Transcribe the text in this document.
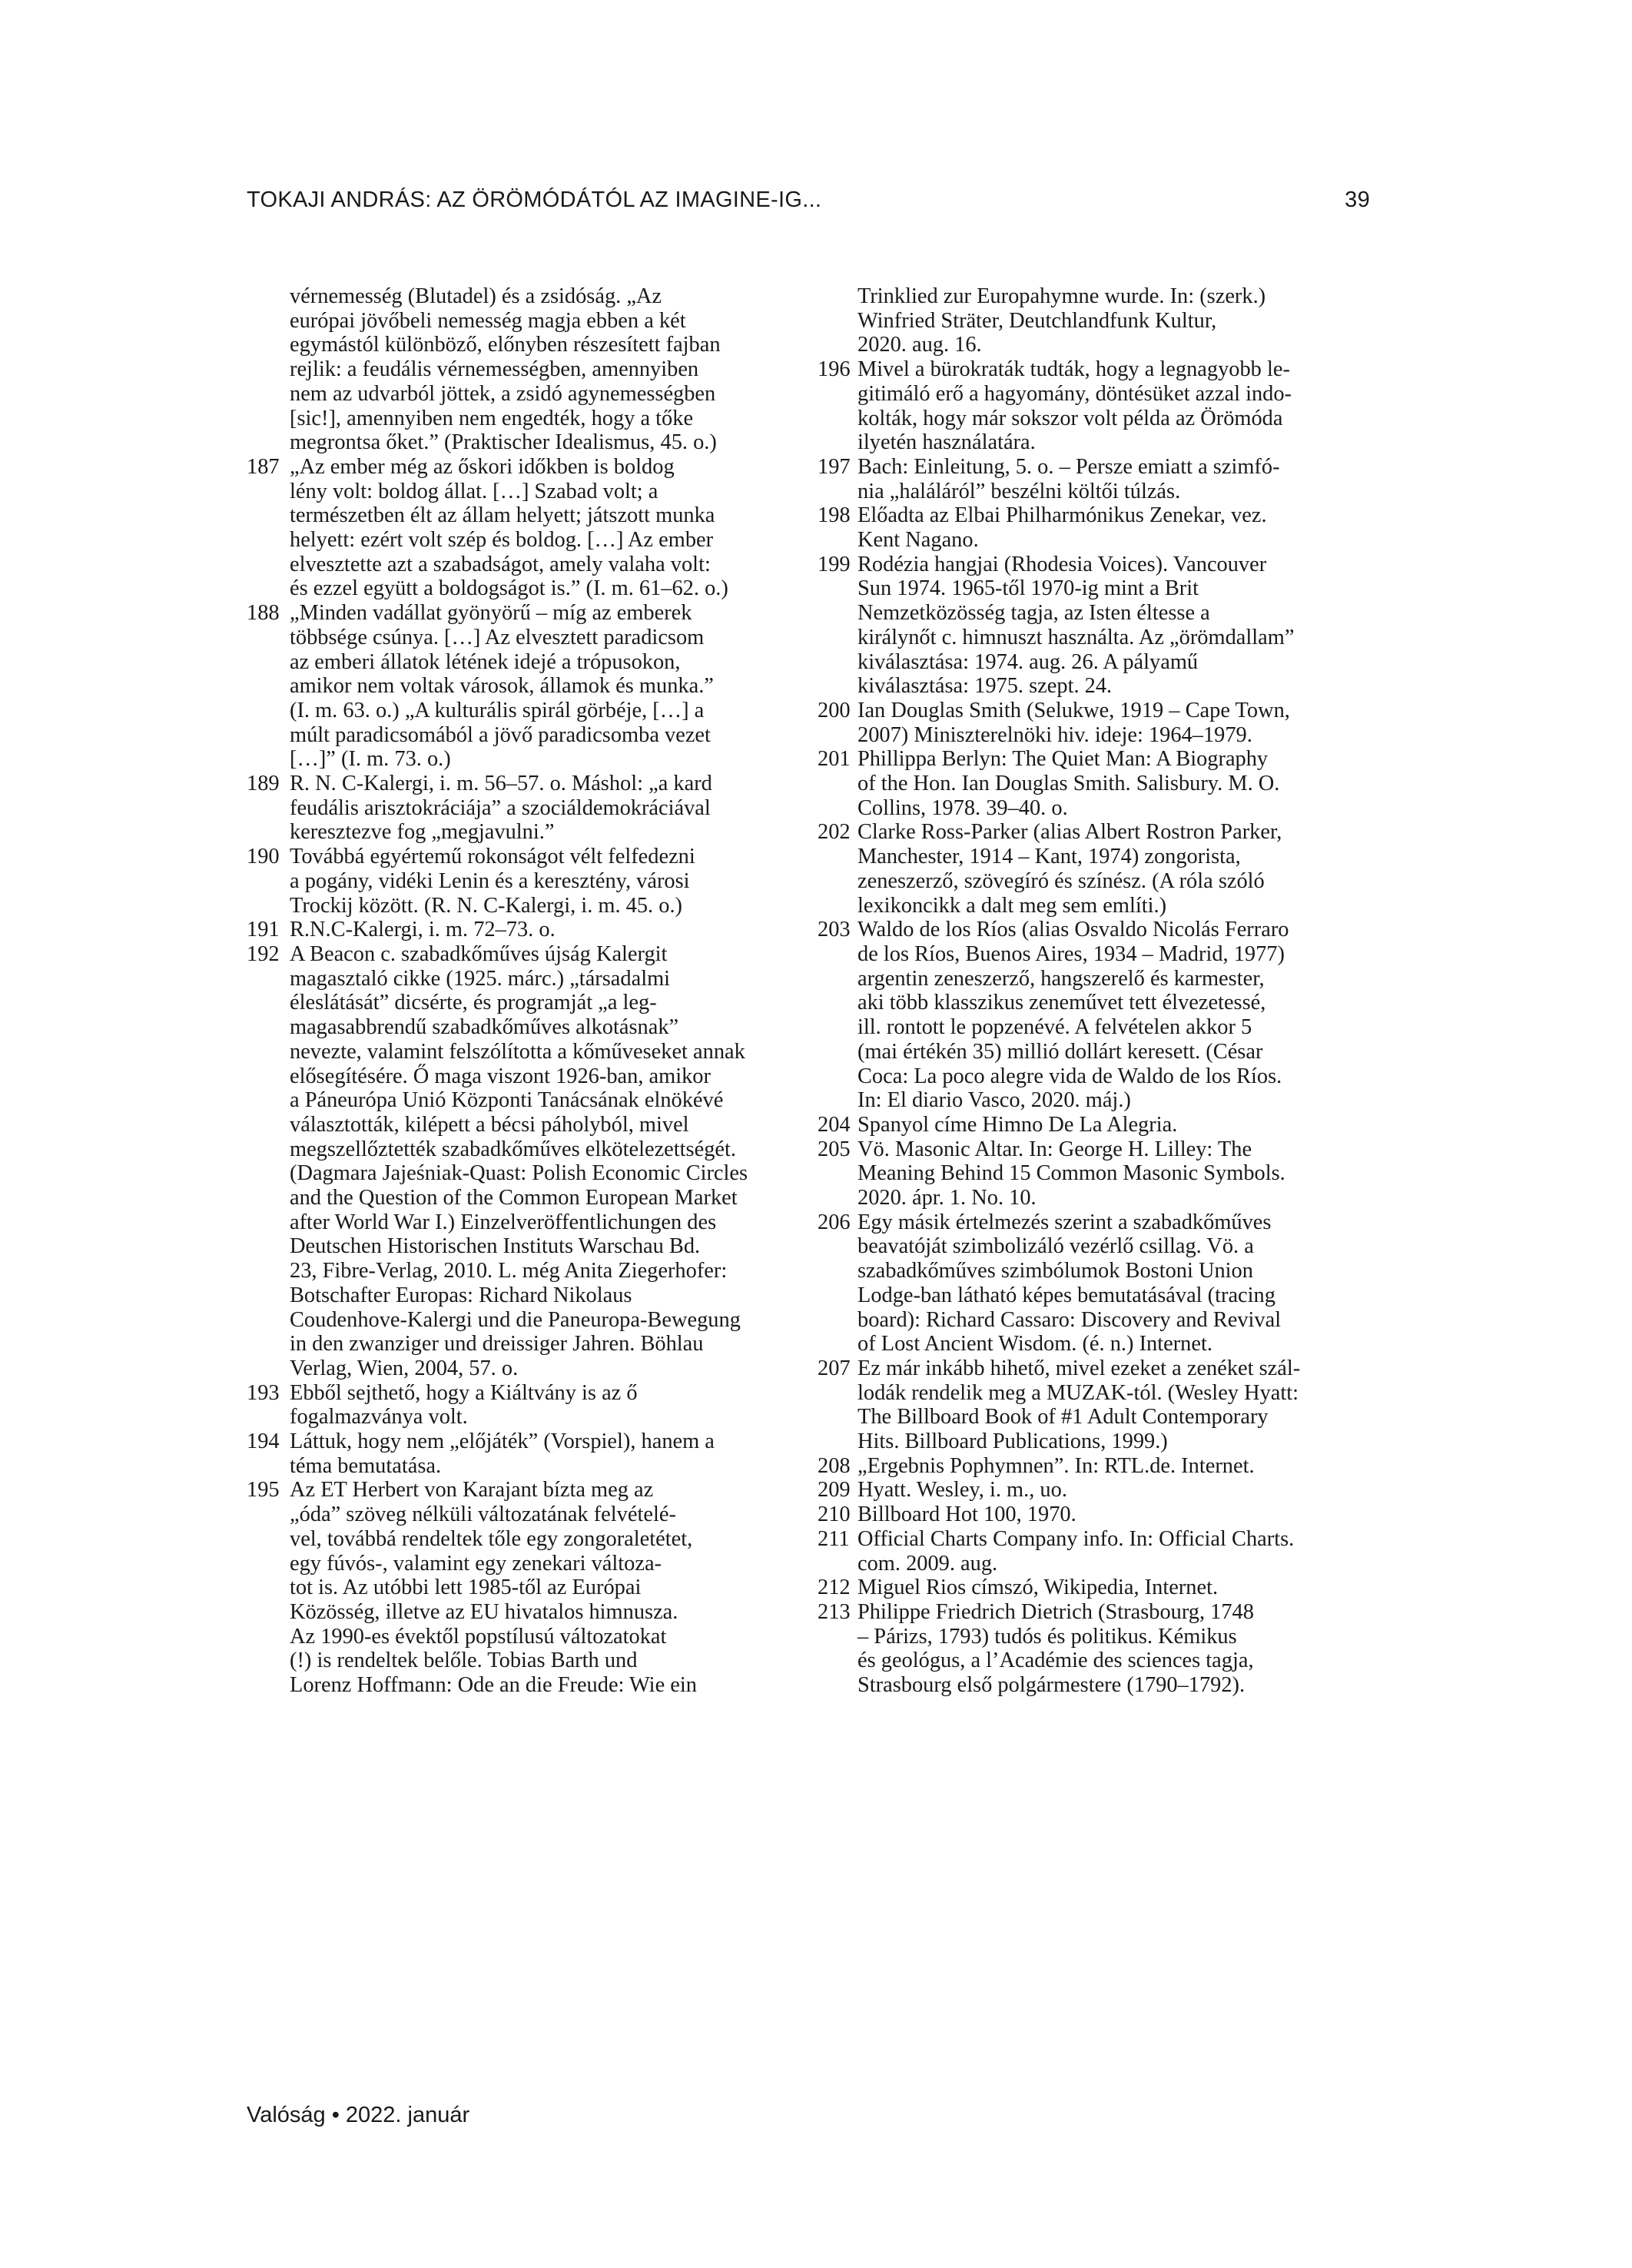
TOKAJI ANDRÁS: AZ ÖRÖMÓDÁTÓL AZ IMAGINE-IG...	39
vérnemesség (Blutadel) és a zsidóság. „Az
európai jövőbeli nemesség magja ebben a két
egymástól különböző, előnyben részesített fajban
rejlik: a feudális vérnemességben, amennyiben
nem az udvarból jöttek, a zsidó agynemességben
[sic!], amennyiben nem engedték, hogy a tőke
megrontsa őket.” (Praktischer Idealismus, 45. o.)
187 „Az ember még az őskori időkben is boldog
lény volt: boldog állat. […] Szabad volt; a
természetben élt az állam helyett; játszott munka
helyett: ezért volt szép és boldog. […] Az ember
elvesztette azt a szabadságot, amely valaha volt:
és ezzel együtt a boldogságot is.” (I. m. 61–62. o.)
188 „Minden vadállat gyönyörű – míg az emberek
többsége csúnya. […] Az elvesztett paradicsom
az emberi állatok létének idejé a trópusokon,
amikor nem voltak városok, államok és munka.”
(I. m. 63. o.) „A kulturális spirál görbéje, […] a
múlt paradicsomából a jövő paradicsomba vezet
[…]” (I. m. 73. o.)
189 R. N. C-Kalergi, i. m. 56–57. o. Máshol: „a kard
feudális arisztokráciája” a szociáldemokráciával
keresztezve fog „megjavulni.”
190 Továbbá egyértemű rokonságot vélt felfedezni
a pogány, vidéki Lenin és a keresztény, városi
Trockij között. (R. N. C-Kalergi, i. m. 45. o.)
191 R.N.C-Kalergi, i. m. 72–73. o.
192 A Beacon c. szabadkőműves újság Kalergit
magasztaló cikke (1925. márc.) „társadalmi
éleslátását” dicsérte, és programját „a leg-
magasabbrendű szabadkőműves alkotásnak”
nevezte, valamint felszólította a kőműveseket annak
elősegítésére. Ő maga viszont 1926-ban, amikor
a Páneurópa Unió Központi Tanácsának elnökévé
választották, kilépett a bécsi páholyból, mivel
megszellőztették szabadkőműves elkötelezettségét.
(Dagmara Jajeśniak-Quast: Polish Economic Circles
and the Question of the Common European Market
after World War I.) Einzelveröffentlichungen des
Deutschen Historischen Instituts Warschau Bd.
23, Fibre-Verlag, 2010. L. még Anita Ziegerhofer:
Botschafter Europas: Richard Nikolaus
Coudenhove-Kalergi und die Paneuropa-Bewegung
in den zwanziger und dreissiger Jahren. Böhlau
Verlag, Wien, 2004, 57. o.
193 Ebből sejthető, hogy a Kiáltvány is az ő
fogalmazványa volt.
194 Láttuk, hogy nem „előjáték” (Vorspiel), hanem a
téma bemutatása.
195 Az ET Herbert von Karajant bízta meg az
„óda” szöveg nélküli változatának felvételé-
vel, továbbá rendeltek tőle egy zongoraletétet,
egy fúvós-, valamint egy zenekari változa-
tot is. Az utóbbi lett 1985-től az Európai
Közösség, illetve az EU hivatalos himnusza.
Az 1990-es évektől popstílusú változatokat
(!) is rendeltek belőle. Tobias Barth und
Lorenz Hoffmann: Ode an die Freude: Wie ein
Trinklied zur Europahymne wurde. In: (szerk.)
Winfried Sträter, Deutchlandfunk Kultur,
2020. aug. 16.
196 Mivel a bürokraták tudták, hogy a legnagyobb le-
gitimáló erő a hagyomány, döntésüket azzal indo-
kolták, hogy már sokszor volt példa az Örömóda
ilyetén használatára.
197 Bach: Einleitung, 5. o. – Persze emiatt a szimfó-
nia „haláláról” beszélni költői túlzás.
198 Előadta az Elbai Philharmónikus Zenekar, vez.
Kent Nagano.
199 Rodézia hangjai (Rhodesia Voices). Vancouver
Sun 1974. 1965-től 1970-ig mint a Brit
Nemzetközösség tagja, az Isten éltesse a
királynőt c. himnuszt használta. Az „örömdallam”
kiválasztása: 1974. aug. 26. A pályamű
kiválasztása: 1975. szept. 24.
200 Ian Douglas Smith (Selukwe, 1919 – Cape Town,
2007) Miniszterelnöki hiv. ideje: 1964–1979.
201 Phillippa Berlyn: The Quiet Man: A Biography
of the Hon. Ian Douglas Smith. Salisbury. M. O.
Collins, 1978. 39–40. o.
202 Clarke Ross-Parker (alias Albert Rostron Parker,
Manchester, 1914 – Kant, 1974) zongorista,
zeneszerző, szövegíró és színész. (A róla szóló
lexikoncikk a dalt meg sem említi.)
203 Waldo de los Ríos (alias Osvaldo Nicolás Ferraro
de los Ríos, Buenos Aires, 1934 – Madrid, 1977)
argentin zeneszerző, hangszerelő és karmester,
aki több klasszikus zeneművet tett élvezetessé,
ill. rontott le popzenévé. A felvételen akkor 5
(mai értékén 35) millió dollárt keresett. (César
Coca: La poco alegre vida de Waldo de los Ríos.
In: El diario Vasco, 2020. máj.)
204 Spanyol címe Himno De La Alegria.
205 Vö. Masonic Altar. In: George H. Lilley: The
Meaning Behind 15 Common Masonic Symbols.
2020. ápr. 1. No. 10.
206 Egy másik értelmezés szerint a szabadkőműves
beavatóját szimbolizáló vezérlő csillag. Vö. a
szabadkőműves szimbólumok Bostoni Union
Lodge-ban látható képes bemutatásával (tracing
board): Richard Cassaro: Discovery and Revival
of Lost Ancient Wisdom. (é. n.) Internet.
207 Ez már inkább hihető, mivel ezeket a zenéket szál-
lodák rendelik meg a MUZAK-tól. (Wesley Hyatt:
The Billboard Book of #1 Adult Contemporary
Hits. Billboard Publications, 1999.)
208 „Ergebnis Pophymnen”. In: RTL.de. Internet.
209 Hyatt. Wesley, i. m., uo.
210 Billboard Hot 100, 1970.
211 Official Charts Company info. In: Official Charts.
com. 2009. aug.
212 Miguel Rios címszó, Wikipedia, Internet.
213 Philippe Friedrich Dietrich (Strasbourg, 1748
– Párizs, 1793) tudós és politikus. Kémikus
és geológus, a l’Académie des sciences tagja,
Strasbourg első polgármestere (1790–1792).
Valóság • 2022. január
